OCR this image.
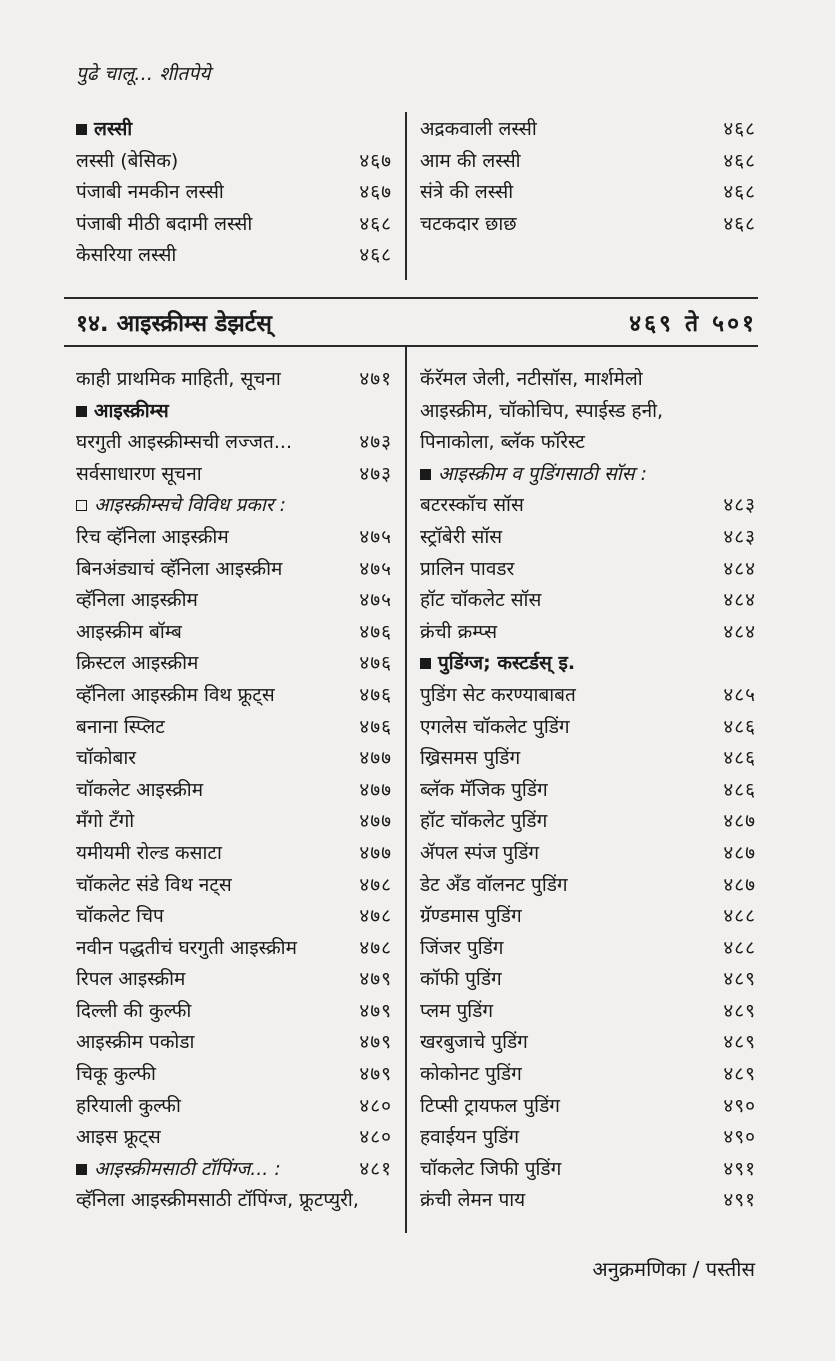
पुढे चालू... शीतपेये
लस्सी
लस्सी (बेसिक)	४६७
पंजाबी नमकीन लस्सी	४६७
पंजाबी मीठी बदामी लस्सी	४६८
केसरिया लस्सी	४६८
अद्रकवाली लस्सी	४६८
आम की लस्सी	४६८
संत्रे की लस्सी	४६८
चटकदार छाछ	४६८
१४. आइस्क्रीम्स डेझर्टस्	४६९ ते ५०१
काही प्राथमिक माहिती, सूचना	४७१
आइस्क्रीम्स
घरगुती आइस्क्रीम्सची लज्जत...	४७३
सर्वसाधारण सूचना	४७३
आइस्क्रीम्सचे विविध प्रकार :
रिच व्हॅनिला आइस्क्रीम	४७५
बिनअंड्याचं व्हॅनिला आइस्क्रीम	४७५
व्हॅनिला आइस्क्रीम	४७५
आइस्क्रीम बॉम्ब	४७६
क्रिस्टल आइस्क्रीम	४७६
व्हॅनिला आइस्क्रीम विथ फ्रूट्स	४७६
बनाना स्प्लिट	४७६
चॉकोबार	४७७
चॉकलेट आइस्क्रीम	४७७
मँगो टँगो	४७७
यमीयमी रोल्ड कसाटा	४७७
चॉकलेट संडे विथ नट्स	४७८
चॉकलेट चिप	४७८
नवीन पद्धतीचं घरगुती आइस्क्रीम	४७८
रिपल आइस्क्रीम	४७९
दिल्ली की कुल्फी	४७९
आइस्क्रीम पकोडा	४७९
चिकू कुल्फी	४७९
हरियाली कुल्फी	४८०
आइस फ्रूट्स	४८०
आइस्क्रीमसाठी टॉपिंग्ज... :	४८१
व्हॅनिला आइस्क्रीमसाठी टॉपिंग्ज, फ्रूटप्युरी,
कॅरॅमल जेली, नटीसॉस, मार्शमेलो
आइस्क्रीम, चॉकोचिप, स्पाईस्ड हनी,
पिनाकोला, ब्लॅक फॉरेस्ट
आइस्क्रीम व पुडिंगसाठी सॉस :
बटरस्कॉच सॉस	४८३
स्ट्रॉबेरी सॉस	४८३
प्रालिन पावडर	४८४
हॉट चॉकलेट सॉस	४८४
क्रंची क्रम्प्स	४८४
पुडिंग्ज; कस्टर्डस् इ.
पुडिंग सेट करण्याबाबत	४८५
एगलेस चॉकलेट पुडिंग	४८६
ख्रिसमस पुडिंग	४८६
ब्लॅक मॅजिक पुडिंग	४८६
हॉट चॉकलेट पुडिंग	४८७
ॲपल स्पंज पुडिंग	४८७
डेट अँड वॉलनट पुडिंग	४८७
ग्रॅण्डमास पुडिंग	४८८
जिंजर पुडिंग	४८८
कॉफी पुडिंग	४८९
प्लम पुडिंग	४८९
खरबुजाचे पुडिंग	४८९
कोकोनट पुडिंग	४८९
टिप्सी ट्रायफल पुडिंग	४९०
हवाईयन पुडिंग	४९०
चॉकलेट जिफी पुडिंग	४९१
क्रंची लेमन पाय	४९१
अनुक्रमणिका / पस्तीस
